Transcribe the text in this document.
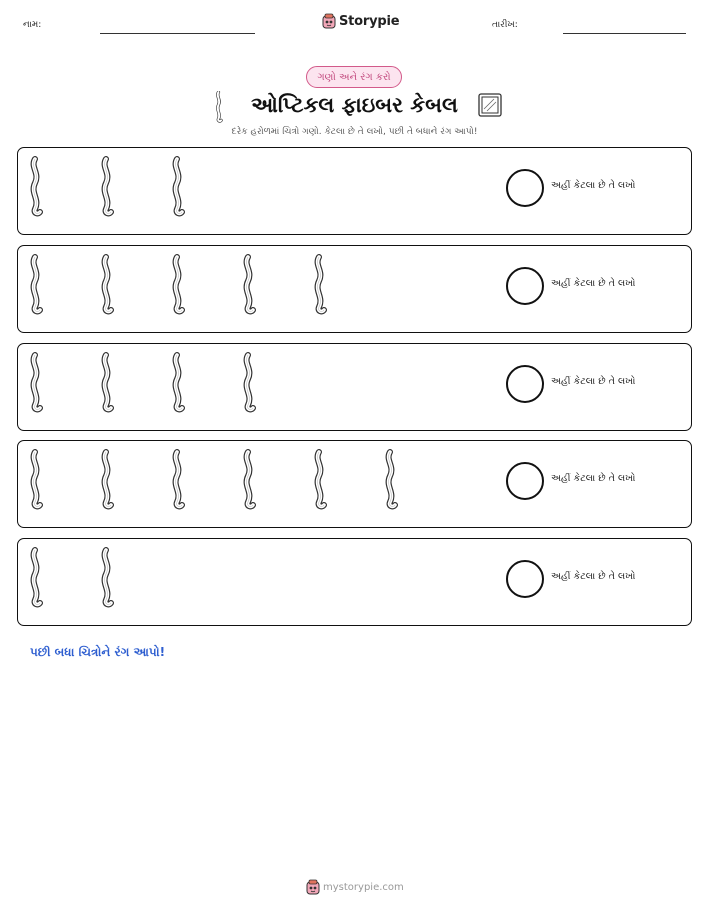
નામ:	Storypie	તારીખ:
ગણો અને રંગ કરો
ઓપ્ટિકલ ફાઇબર કેબલ
દરેક હરોળમાં ચિત્રો ગણો. કેટલા છે તે લખો, પછી તે બધાને રંગ આપો!
અહીં કેટલા છે તે લખો
અહીં કેટલા છે તે લખો
અહીં કેટલા છે તે લખો
અહીં કેટલા છે તે લખો
અહીં કેટલા છે તે લખો
પછી બધા ચિત્રોને રંગ આપો!
mystorypie.com
